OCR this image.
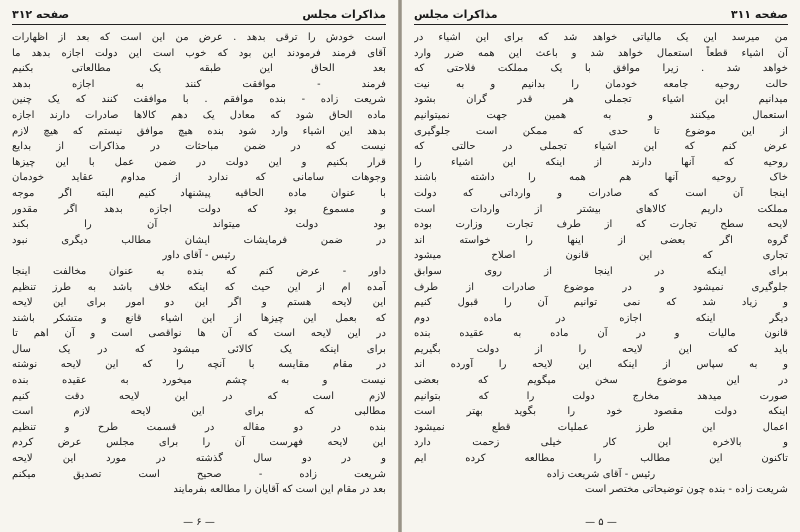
مذاکرات مجلس
صفحه ۳۱۲
است خودش را ترقی بدهد . عرض من این است که بعد از اظهارات
آقای فرمند فرمودند این بود که خوب است این دولت اجازه بدهد ما
بعد الحاق این طبقه یک مطالعاتی بکنیم
فرمند - موافقت کنند به اجازه بدهد
شریعت زاده - بنده موافقم . با موافقت کنند که یک چنین
ماده الحاق شود که معادل یک دهم کالاها صادرات دارند اجازه
بدهد این اشیاء وارد شود بنده هیچ موافق نیستم که هیچ لازم
نیست که در ضمن مباحثات در مذاکرات از بدایع
قرار بکنیم و این دولت در ضمن عمل با این چیزها
وجوهات سامانی که ندارد از مداوم عقاید خودمان
با عنوان ماده الحاقیه پیشنهاد کنیم البته اگر موجه
و مسموع بود که دولت اجازه بدهد اگر مقدور
بود دولت میتواند آن را بکند
در ضمن فرمایشات ایشان مطالب دیگری نبود
رئیس - آقای داور
داور - عرض کنم که بنده به عنوان مخالفت اینجا
آمده ام از این حیث که اینکه خلاف باشد به طرز تنظیم
این لایحه هستم و اگر این دو امور برای این لایحه
که بعمل این چیزها از این اشیاء قانع و متشکر باشند
در این لایحه است که آن ها نواقصی است و آن اهم تا
برای اینکه یک کالائی میشود که در یک سال
در مقام مقایسه با آنچه را که این لایحه نوشته
نیست و به چشم میخورد به عقیده بنده
لازم است که در این لایحه دقت کنیم
مطالبی که برای این لایحه لازم است
بنده در دو مقاله در قسمت طرح و تنظیم
این لایحه فهرست آن را برای مجلس عرض کردم
و در دو سال گذشته در مورد این لایحه
شریعت زاده - صحیح است تصدیق میکنم
بعد در مقام این است که آقایان را مطالعه بفرمایند
— ۶ —
صفحه ۳۱۱
مذاکرات مجلس
من میرسد این یک مالیاتی خواهد شد که برای این اشیاء در
آن اشیاء قطعاً استعمال خواهد شد و باعث این همه ضرر وارد
خواهد شد . زیرا موافق با یک مملکت فلاحتی که
حالت روحیه جامعه خودمان را بدانیم و به نیت
میدانیم این اشیاء تجملی هر قدر گران بشود
استعمال میکنند و به همین جهت نمیتوانیم
از این موضوع تا حدی که ممکن است جلوگیری
عرض کنم که این اشیاء تجملی در حالتی که
روحیه که آنها دارند از اینکه این اشیاء را
خاک روحیه آنها هم همه را داشته باشند
اینجا آن است که صادرات و وارداتی که دولت
مملکت داریم کالاهای بیشتر از واردات است
لایحه سطح تجارت که از طرف تجارت وزارت بوده
گروه اگر بعضی از اینها را خواسته اند
تجاری که این قانون اصلاح میشود
برای اینکه در اینجا از روی سوابق
جلوگیری نمیشود و در موضوع صادرات از طرف
و زیاد شد که نمی توانیم آن را قبول کنیم
دیگر اینکه اجازه در ماده دوم
قانون مالیات و در آن ماده به عقیده بنده
باید که این لایحه را از دولت بگیریم
و به سپاس از اینکه این لایحه را آورده اند
در این موضوع سخن میگویم که بعضی
صورت میدهد مخارج دولت را که بتوانیم
اینکه دولت مقصود خود را بگوید بهتر است
اعمال این طرز عملیات قطع نمیشود
و بالاخره این کار خیلی زحمت دارد
تاکنون این مطالب را مطالعه کرده ایم
رئیس - آقای شریعت زاده
شریعت زاده - بنده چون توضیحاتی مختصر است
— ۵ —
